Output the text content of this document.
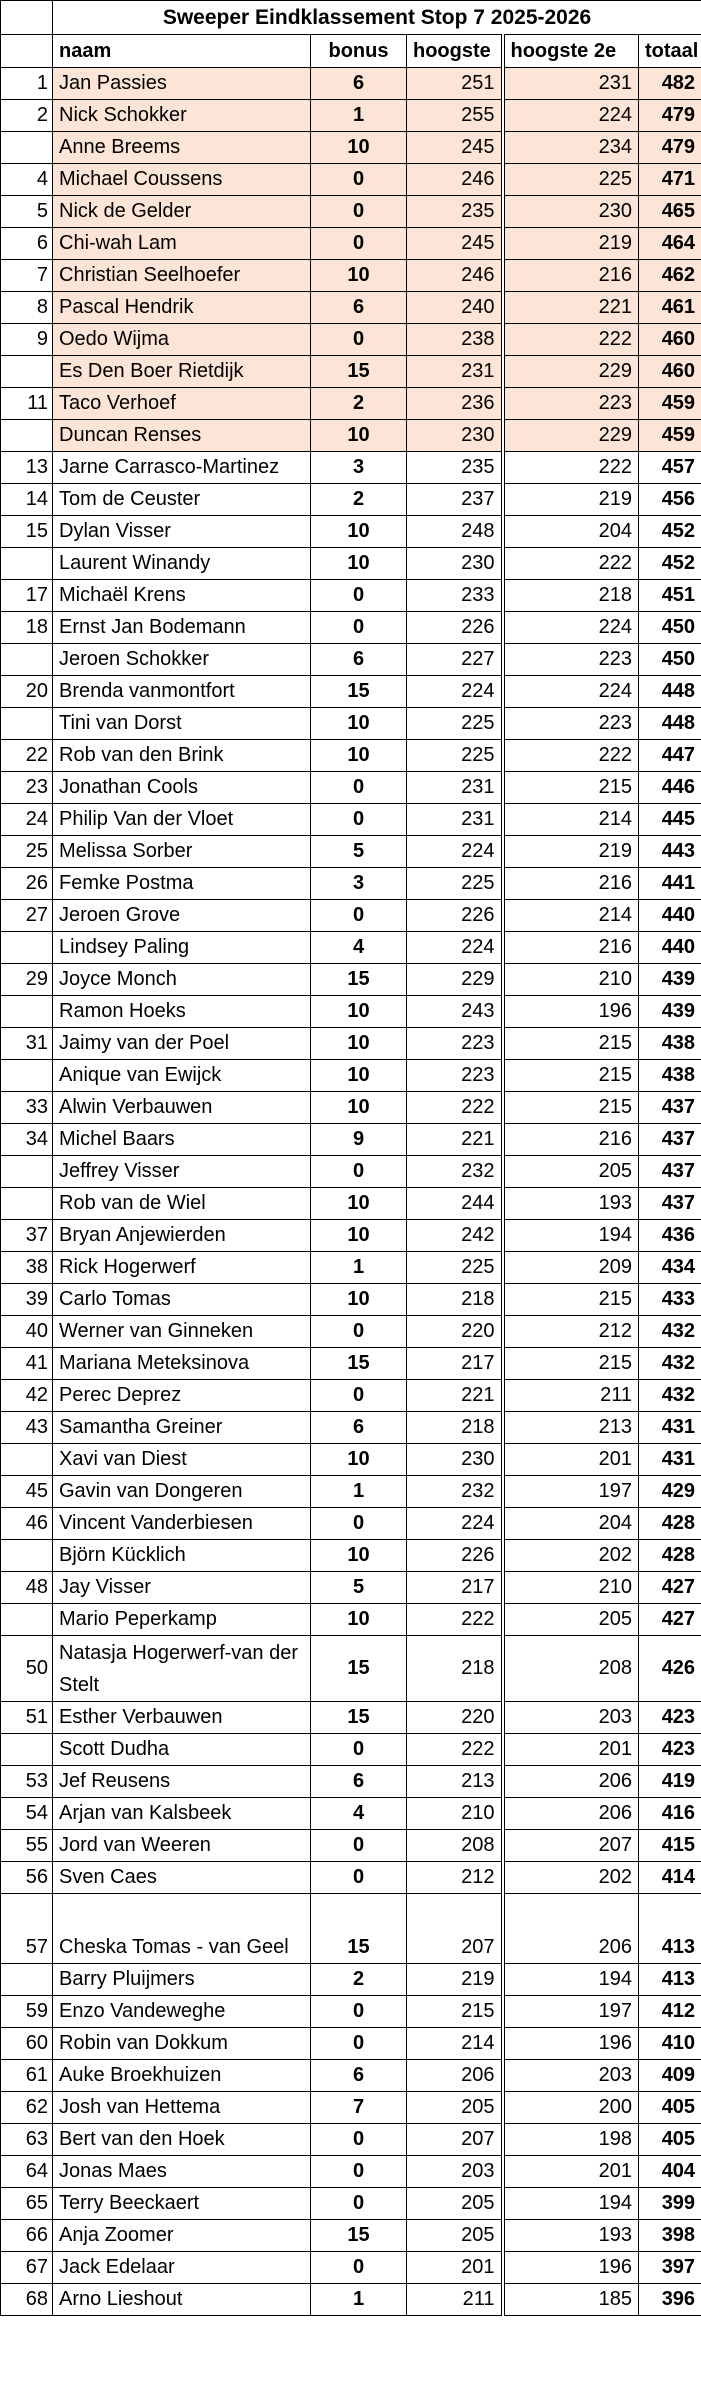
	Sweeper Eindklassement Stop 7 2025-2026				
	naam	bonus	hoogste	hoogste 2e	totaal
1	Jan Passies	6	251	231	482
2	Nick Schokker	1	255	224	479
	Anne Breems	10	245	234	479
4	Michael Coussens	0	246	225	471
5	Nick de Gelder	0	235	230	465
6	Chi-wah Lam	0	245	219	464
7	Christian Seelhoefer	10	246	216	462
8	Pascal Hendrik	6	240	221	461
9	Oedo Wijma	0	238	222	460
	Es Den Boer Rietdijk	15	231	229	460
11	Taco Verhoef	2	236	223	459
	Duncan Renses	10	230	229	459
13	Jarne Carrasco-Martinez	3	235	222	457
14	Tom de Ceuster	2	237	219	456
15	Dylan Visser	10	248	204	452
	Laurent Winandy	10	230	222	452
17	Michaël Krens	0	233	218	451
18	Ernst Jan Bodemann	0	226	224	450
	Jeroen Schokker	6	227	223	450
20	Brenda vanmontfort	15	224	224	448
	Tini van Dorst	10	225	223	448
22	Rob van den Brink	10	225	222	447
23	Jonathan Cools	0	231	215	446
24	Philip Van der Vloet	0	231	214	445
25	Melissa Sorber	5	224	219	443
26	Femke Postma	3	225	216	441
27	Jeroen Grove	0	226	214	440
	Lindsey Paling	4	224	216	440
29	Joyce Monch	15	229	210	439
	Ramon Hoeks	10	243	196	439
31	Jaimy van der Poel	10	223	215	438
	Anique van Ewijck	10	223	215	438
33	Alwin Verbauwen	10	222	215	437
34	Michel Baars	9	221	216	437
	Jeffrey Visser	0	232	205	437
	Rob van de Wiel	10	244	193	437
37	Bryan Anjewierden	10	242	194	436
38	Rick Hogerwerf	1	225	209	434
39	Carlo Tomas	10	218	215	433
40	Werner van Ginneken	0	220	212	432
41	Mariana Meteksinova	15	217	215	432
42	Perec Deprez	0	221	211	432
43	Samantha Greiner	6	218	213	431
	Xavi van Diest	10	230	201	431
45	Gavin van Dongeren	1	232	197	429
46	Vincent Vanderbiesen	0	224	204	428
	Björn Kücklich	10	226	202	428
48	Jay Visser	5	217	210	427
	Mario Peperkamp	10	222	205	427
50	Natasja Hogerwerf-van der Stelt	15	218	208	426
51	Esther Verbauwen	15	220	203	423
	Scott Dudha	0	222	201	423
53	Jef Reusens	6	213	206	419
54	Arjan van Kalsbeek	4	210	206	416
55	Jord van Weeren	0	208	207	415
56	Sven Caes	0	212	202	414
57	Cheska Tomas - van Geel	15	207	206	413
	Barry Pluijmers	2	219	194	413
59	Enzo Vandeweghe	0	215	197	412
60	Robin van Dokkum	0	214	196	410
61	Auke Broekhuizen	6	206	203	409
62	Josh van Hettema	7	205	200	405
63	Bert van den Hoek	0	207	198	405
64	Jonas Maes	0	203	201	404
65	Terry Beeckaert	0	205	194	399
66	Anja Zoomer	15	205	193	398
67	Jack Edelaar	0	201	196	397
68	Arno Lieshout	1	211	185	396
